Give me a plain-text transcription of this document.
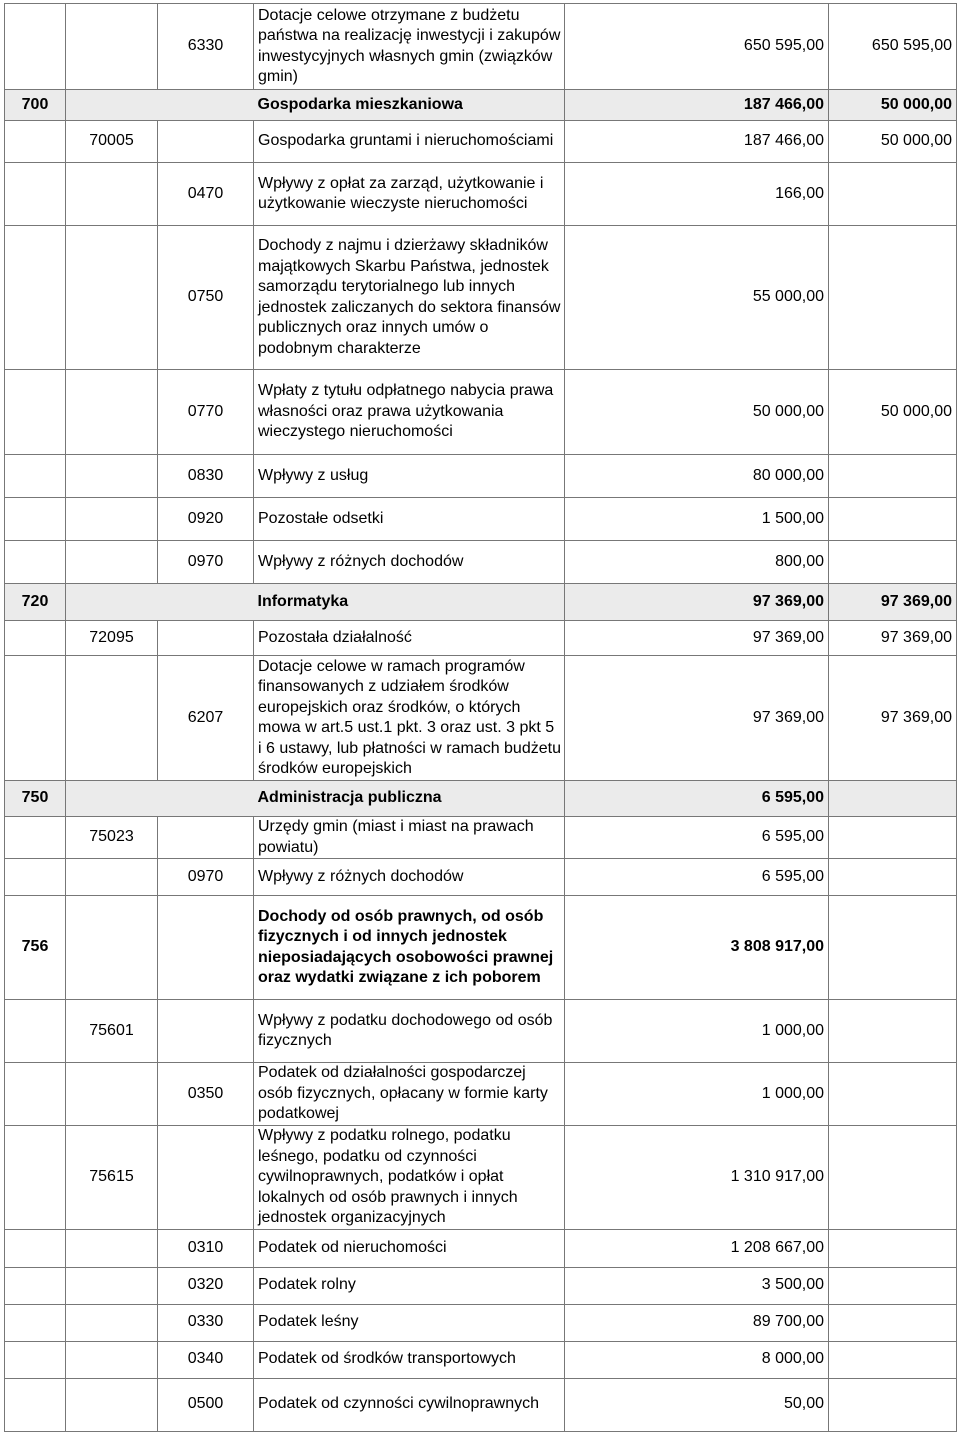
		6330	Dotacje celowe otrzymane z budżetu państwa na realizację inwestycji i zakupów inwestycyjnych własnych gmin (związków gmin)	650 595,00	650 595,00
700			Gospodarka mieszkaniowa	187 466,00	50 000,00
	70005		Gospodarka gruntami i nieruchomościami	187 466,00	50 000,00
		0470	Wpływy z opłat za zarząd, użytkowanie i użytkowanie wieczyste nieruchomości	166,00	
		0750	Dochody z najmu i dzierżawy składników majątkowych Skarbu Państwa, jednostek samorządu terytorialnego lub innych jednostek zaliczanych do sektora finansów publicznych oraz innych umów o podobnym charakterze	55 000,00	
		0770	Wpłaty z tytułu odpłatnego nabycia prawa własności oraz prawa użytkowania wieczystego nieruchomości	50 000,00	50 000,00
		0830	Wpływy z usług	80 000,00	
		0920	Pozostałe odsetki	1 500,00	
		0970	Wpływy z różnych dochodów	800,00	
720			Informatyka	97 369,00	97 369,00
	72095		Pozostała działalność	97 369,00	97 369,00
		6207	Dotacje celowe w ramach programów finansowanych z udziałem środków europejskich oraz środków, o których mowa w art.5 ust.1 pkt. 3 oraz ust. 3 pkt 5 i 6 ustawy, lub płatności w ramach budżetu środków europejskich	97 369,00	97 369,00
750			Administracja publiczna	6 595,00	
	75023		Urzędy gmin (miast i miast na prawach powiatu)	6 595,00	
		0970	Wpływy z różnych dochodów	6 595,00	
756			Dochody od osób prawnych, od osób fizycznych i od innych jednostek nieposiadających osobowości prawnej oraz wydatki związane z ich poborem	3 808 917,00	
	75601		Wpływy z podatku dochodowego od osób fizycznych	1 000,00	
		0350	Podatek od działalności gospodarczej osób fizycznych, opłacany w formie karty podatkowej	1 000,00	
	75615		Wpływy z podatku rolnego, podatku leśnego, podatku od czynności cywilnoprawnych, podatków i opłat lokalnych od osób prawnych i innych jednostek organizacyjnych	1 310 917,00	
		0310	Podatek od nieruchomości	1 208 667,00	
		0320	Podatek rolny	3 500,00	
		0330	Podatek leśny	89 700,00	
		0340	Podatek od środków transportowych	8 000,00	
		0500	Podatek od czynności cywilnoprawnych	50,00	
